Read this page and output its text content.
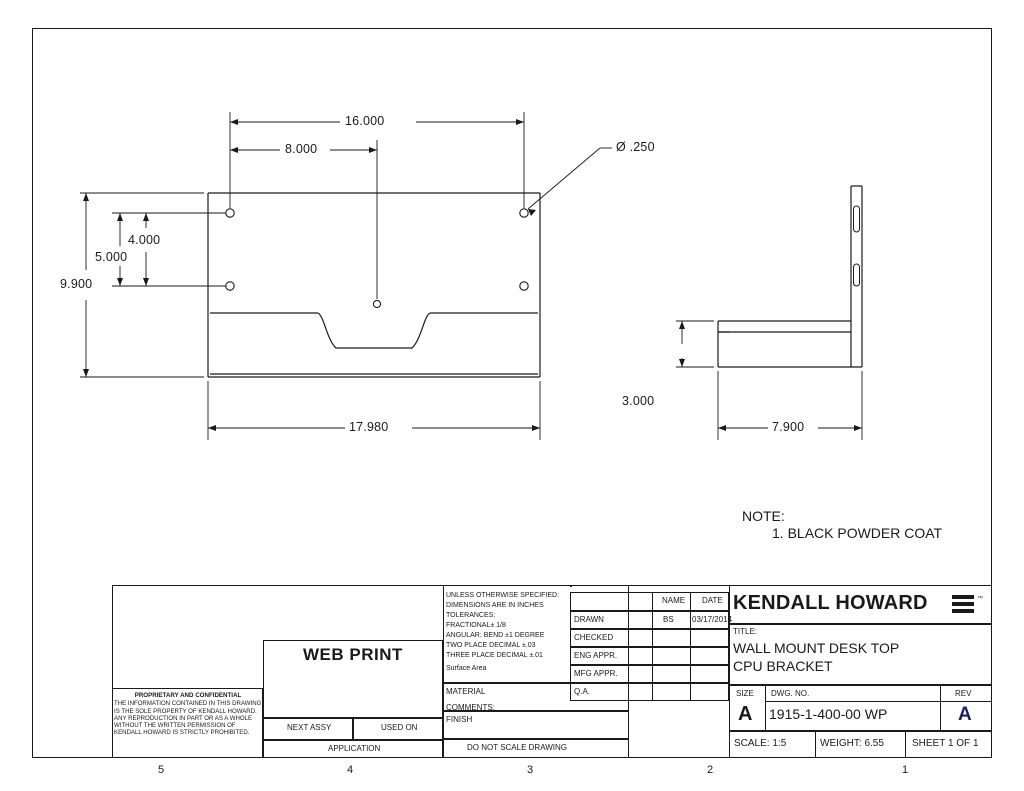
16.000
8.000	Ø .250
9.900
5.000
4.000
17.980
3.000
7.900
NOTE:
1. BLACK POWDER COAT
WEB PRINT
PROPRIETARY AND CONFIDENTIAL
THE INFORMATION CONTAINED IN THIS DRAWING IS THE SOLE PROPERTY OF KENDALL HOWARD. ANY REPRODUCTION IN PART OR AS A WHOLE WITHOUT THE WRITTEN PERMISSION OF KENDALL HOWARD IS STRICTLY PROHIBITED.
NEXT ASSY	USED ON
APPLICATION
UNLESS OTHERWISE SPECIFIED:
DIMENSIONS ARE IN INCHES
TOLERANCES:
FRACTIONAL± 1/8
ANGULAR: BEND ±1 DEGREE
TWO PLACE DECIMAL ±.03
THREE PLACE DECIMAL ±.01
Surface Area
MATERIAL
FINISH
DO NOT SCALE DRAWING
NAME DATE
DRAWN	BS 03/17/2014
CHECKED
ENG APPR.
MFG APPR.
Q.A.
COMMENTS:
KENDALL HOWARD	™
TITLE:
WALL MOUNT DESK TOP
CPU BRACKET
SIZE
A
DWG. NO.
1915-1-400-00 WP
REV
A
SCALE: 1:5	WEIGHT: 6.55	SHEET 1 OF 1
5	4	3	2	1
